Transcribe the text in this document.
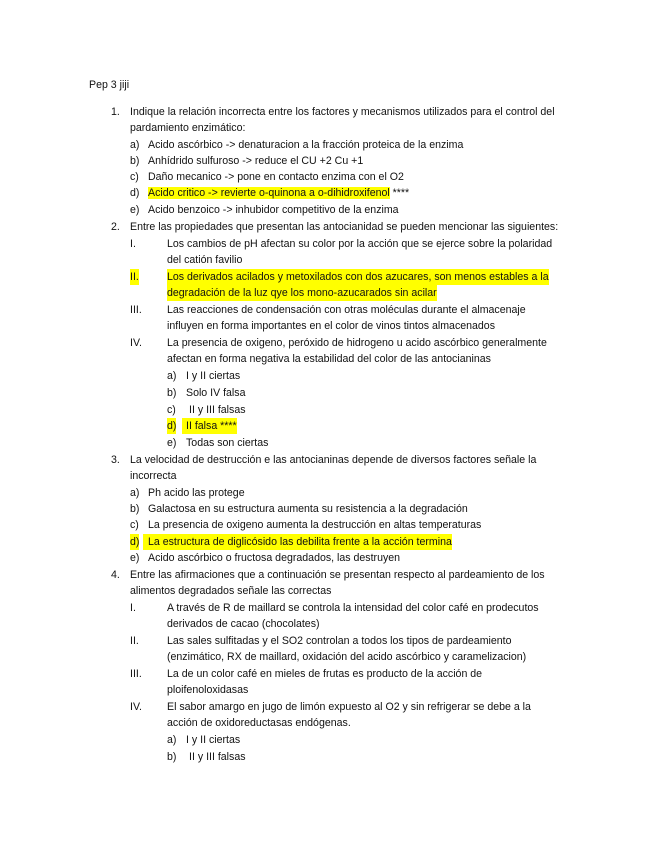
Pep 3 jiji
1. Indique la relación incorrecta entre los factores y mecanismos utilizados para el control del
pardamiento enzimático:
a) Acido ascórbico -> denaturacion a la fracción proteica de la enzima
b) Anhídrido sulfuroso -> reduce el CU +2 Cu +1
c) Daño mecanico -> pone en contacto enzima con el O2
d) Acido critico -> revierte o-quinona a o-dihidroxifenol ****
e) Acido benzoico -> inhubidor competitivo de la enzima
2. Entre las propiedades que presentan las antocianidad se pueden mencionar las siguientes:
I.	Los cambios de pH afectan su color por la acción que se ejerce sobre la polaridad
del catión favilio
II.	Los derivados acilados y metoxilados con dos azucares, son menos estables a la
degradación de la luz qye los mono-azucarados sin acilar
III. Las reacciones de condensación con otras moléculas durante el almacenaje
influyen en forma importantes en el color de vinos tintos almacenados
IV. La presencia de oxigeno, peróxido de hidrogeno u acido ascórbico generalmente
afectan en forma negativa la estabilidad del color de las antocianinas
a) I y II ciertas
b) Solo IV falsa
c) II y III falsas
d) II falsa ****
e) Todas son ciertas
3. La velocidad de destrucción e las antocianinas depende de diversos factores señale la
incorrecta
a) Ph acido las protege
b) Galactosa en su estructura aumenta su resistencia a la degradación
c) La presencia de oxigeno aumenta la destrucción en altas temperaturas
d) La estructura de diglicósido las debilita frente a la acción termina
e) Acido ascórbico o fructosa degradados, las destruyen
4. Entre las afirmaciones que a continuación se presentan respecto al pardeamiento de los
alimentos degradados señale las correctas
I.	A través de R de maillard se controla la intensidad del color café en prodecutos
derivados de cacao (chocolates)
II.	Las sales sulfitadas y el SO2 controlan a todos los tipos de pardeamiento
(enzimático, RX de maillard, oxidación del acido ascórbico y caramelizacion)
III. La de un color café en mieles de frutas es producto de la acción de
ploifenoloxidasas
IV. El sabor amargo en jugo de limón expuesto al O2 y sin refrigerar se debe a la
acción de oxidoreductasas endógenas.
a) I y II ciertas
b) II y III falsas
